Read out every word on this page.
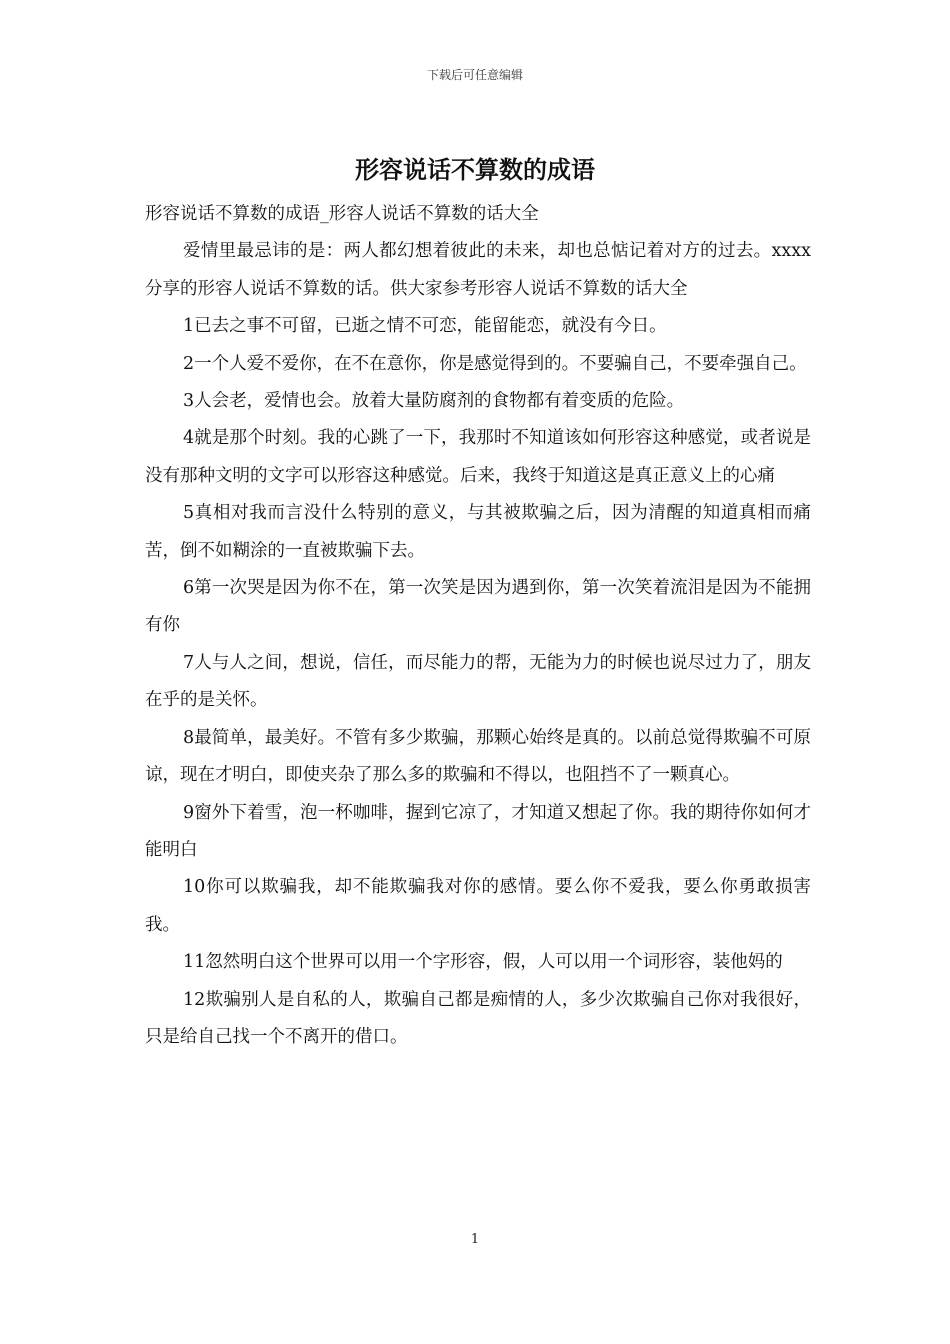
下载后可任意编辑
形容说话不算数的成语

形容说话不算数的成语_形容人说话不算数的话大全

爱情里最忌讳的是：两人都幻想着彼此的未来，却也总惦记着对方的过去。xxxx分享的形容人说话不算数的话。供大家参考形容人说话不算数的话大全

1已去之事不可留，已逝之情不可恋，能留能恋，就没有今日。

2一个人爱不爱你，在不在意你，你是感觉得到的。不要骗自己，不要牵强自己。

3人会老，爱情也会。放着大量防腐剂的食物都有着变质的危险。

4就是那个时刻。我的心跳了一下，我那时不知道该如何形容这种感觉，或者说是没有那种文明的文字可以形容这种感觉。后来，我终于知道这是真正意义上的心痛

5真相对我而言没什么特别的意义，与其被欺骗之后，因为清醒的知道真相而痛苦，倒不如糊涂的一直被欺骗下去。

6第一次哭是因为你不在，第一次笑是因为遇到你，第一次笑着流泪是因为不能拥有你

7人与人之间，想说，信任，而尽能力的帮，无能为力的时候也说尽过力了，朋友在乎的是关怀。

8最简单，最美好。不管有多少欺骗，那颗心始终是真的。以前总觉得欺骗不可原谅，现在才明白，即使夹杂了那么多的欺骗和不得以，也阻挡不了一颗真心。

9窗外下着雪，泡一杯咖啡，握到它凉了，才知道又想起了你。我的期待你如何才能明白

10你可以欺骗我，却不能欺骗我对你的感情。要么你不爱我，要么你勇敢损害我。

11忽然明白这个世界可以用一个字形容，假，人可以用一个词形容，装他妈的

12欺骗别人是自私的人，欺骗自己都是痴情的人，多少次欺骗自己你对我很好，只是给自己找一个不离开的借口。

1
